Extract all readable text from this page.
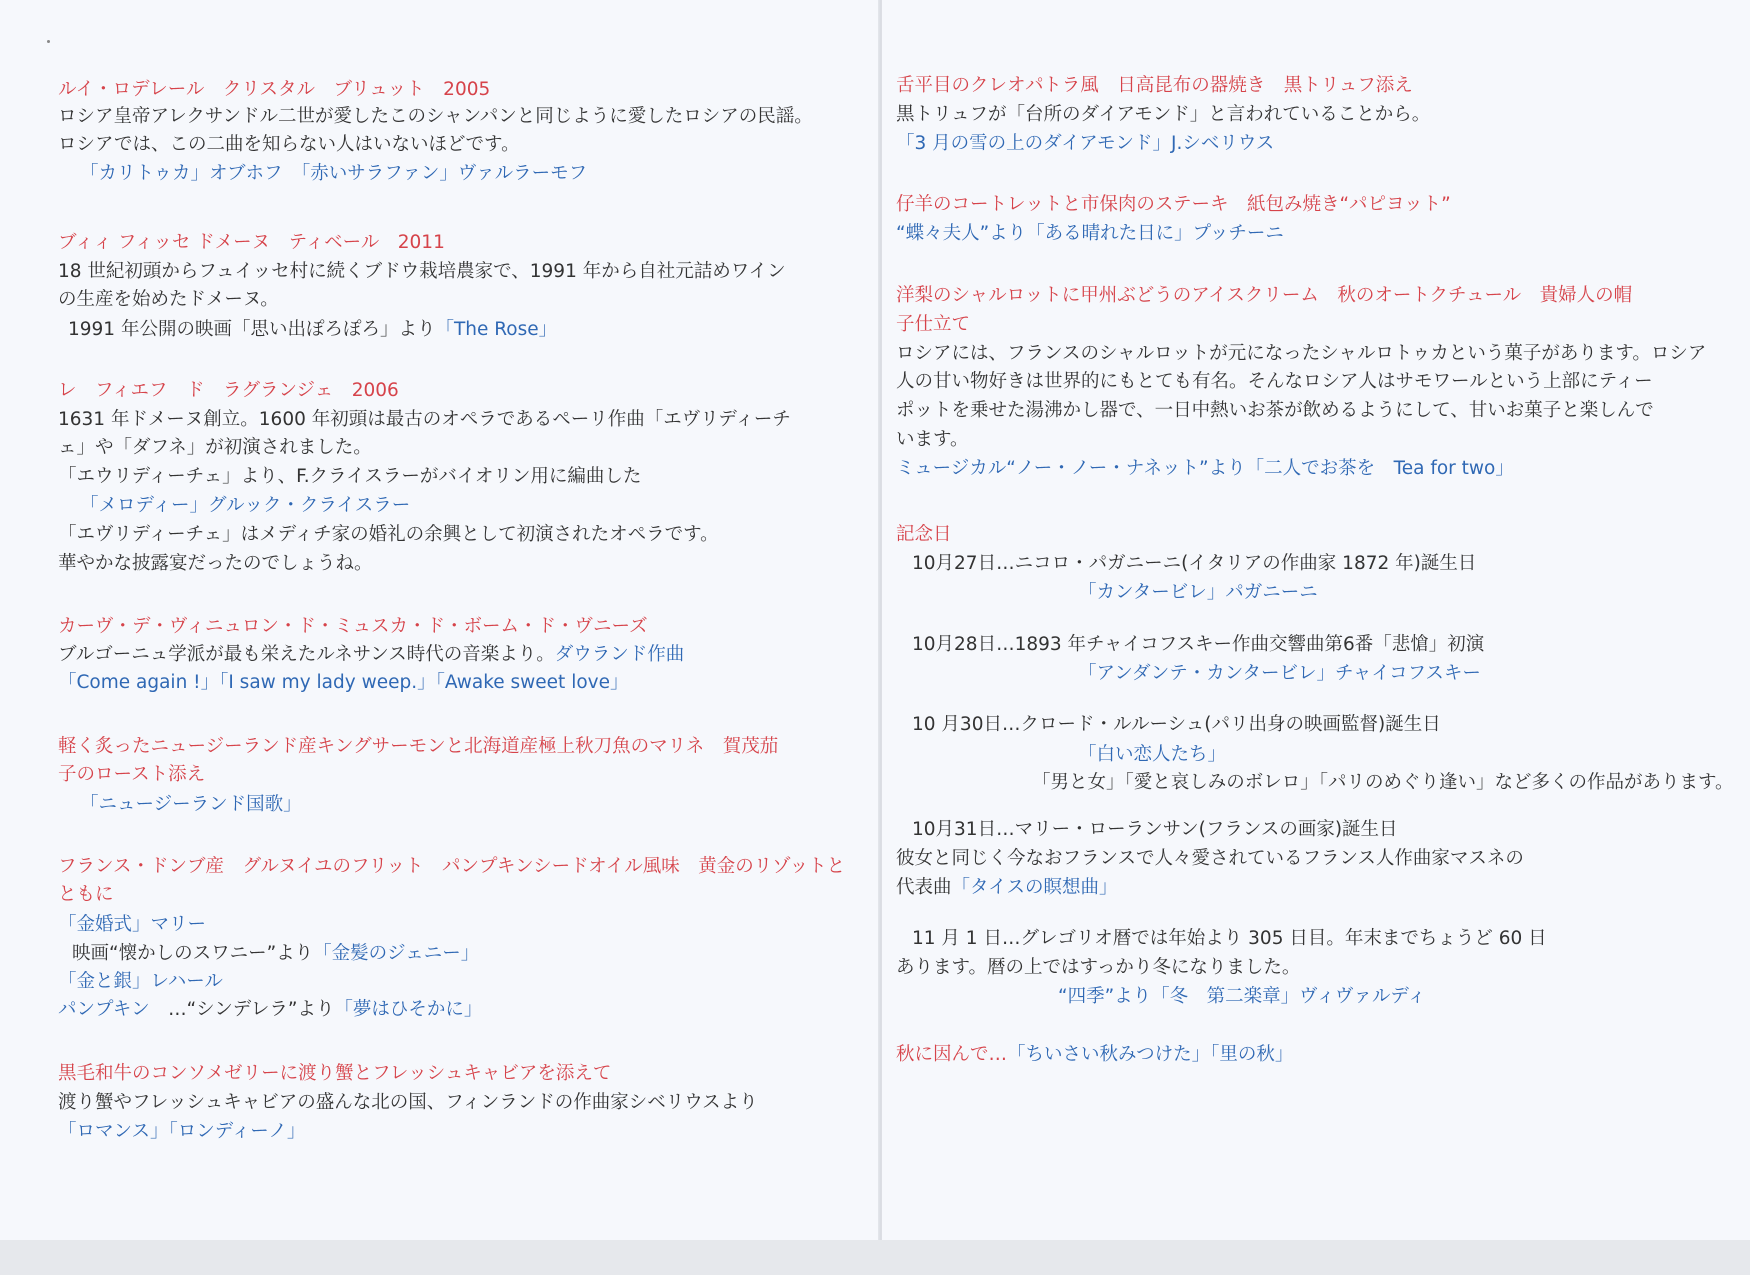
ルイ・ロデレール　クリスタル　ブリュット　2005
ロシア皇帝アレクサンドル二世が愛したこのシャンパンと同じように愛したロシアの民謡。
ロシアでは、この二曲を知らない人はいないほどです。
「カリトゥカ」オブホフ　「赤いサラファン」ヴァルラーモフ
ブィィ フィッセ ドメーヌ　ティベール　2011
18 世紀初頭からフュイッセ村に続くブドウ栽培農家で、1991 年から自社元詰めワイン
の生産を始めたドメーヌ。
1991 年公開の映画「思い出ぽろぽろ」より「The Rose」
レ　フィエフ　ド　ラグランジェ　2006
1631 年ドメーヌ創立。1600 年初頭は最古のオペラであるペーリ作曲「エヴリディーチ
ェ」や「ダフネ」が初演されました。
「エウリディーチェ」より、F.クライスラーがバイオリン用に編曲した
「メロディー」グルック・クライスラー
「エヴリディーチェ」はメディチ家の婚礼の余興として初演されたオペラです。
華やかな披露宴だったのでしょうね。
カーヴ・デ・ヴィニュロン・ド・ミュスカ・ド・ボーム・ド・ヴニーズ
ブルゴーニュ学派が最も栄えたルネサンス時代の音楽より。ダウランド作曲
「Come again !」「I saw my lady weep.」「Awake sweet love」
軽く炙ったニュージーランド産キングサーモンと北海道産極上秋刀魚のマリネ　賀茂茄
子のロースト添え
「ニュージーランド国歌」
フランス・ドンブ産　グルヌイユのフリット　パンプキンシードオイル風味　黄金のリゾットと
ともに
「金婚式」マリー
映画“懐かしのスワニー”より「金髪のジェニー」
「金と銀」レハール
パンプキン　…“シンデレラ”より「夢はひそかに」
黒毛和牛のコンソメゼリーに渡り蟹とフレッシュキャビアを添えて
渡り蟹やフレッシュキャビアの盛んな北の国、フィンランドの作曲家シベリウスより
「ロマンス」「ロンディーノ」
舌平目のクレオパトラ風　日高昆布の器焼き　黒トリュフ添え
黒トリュフが「台所のダイアモンド」と言われていることから。
「3 月の雪の上のダイアモンド」J.シベリウス
仔羊のコートレットと市保肉のステーキ　紙包み焼き“パピヨット”
“蝶々夫人”より「ある晴れた日に」プッチーニ
洋梨のシャルロットに甲州ぶどうのアイスクリーム　秋のオートクチュール　貴婦人の帽
子仕立て
ロシアには、フランスのシャルロットが元になったシャルロトゥカという菓子があります。ロシア
人の甘い物好きは世界的にもとても有名。そんなロシア人はサモワールという上部にティー
ポットを乗せた湯沸かし器で、一日中熱いお茶が飲めるようにして、甘いお菓子と楽しんで
います。
ミュージカル“ノー・ノー・ナネット”より「二人でお茶を　Tea for two」
記念日
10月27日…ニコロ・パガニーニ(イタリアの作曲家 1872 年)誕生日
「カンタービレ」パガニーニ
10月28日…1893 年チャイコフスキー作曲交響曲第6番「悲愴」初演
「アンダンテ・カンタービレ」チャイコフスキー
10 月30日…クロード・ルルーシュ(パリ出身の映画監督)誕生日
「白い恋人たち」
「男と女」「愛と哀しみのボレロ」「パリのめぐり逢い」など多くの作品があります。
10月31日…マリー・ローランサン(フランスの画家)誕生日
彼女と同じく今なおフランスで人々愛されているフランス人作曲家マスネの
代表曲「タイスの瞑想曲」
11 月 1 日…グレゴリオ暦では年始より 305 日目。年末までちょうど 60 日
あります。暦の上ではすっかり冬になりました。
“四季”より「冬　第二楽章」ヴィヴァルディ
秋に因んで…「ちいさい秋みつけた」「里の秋」
